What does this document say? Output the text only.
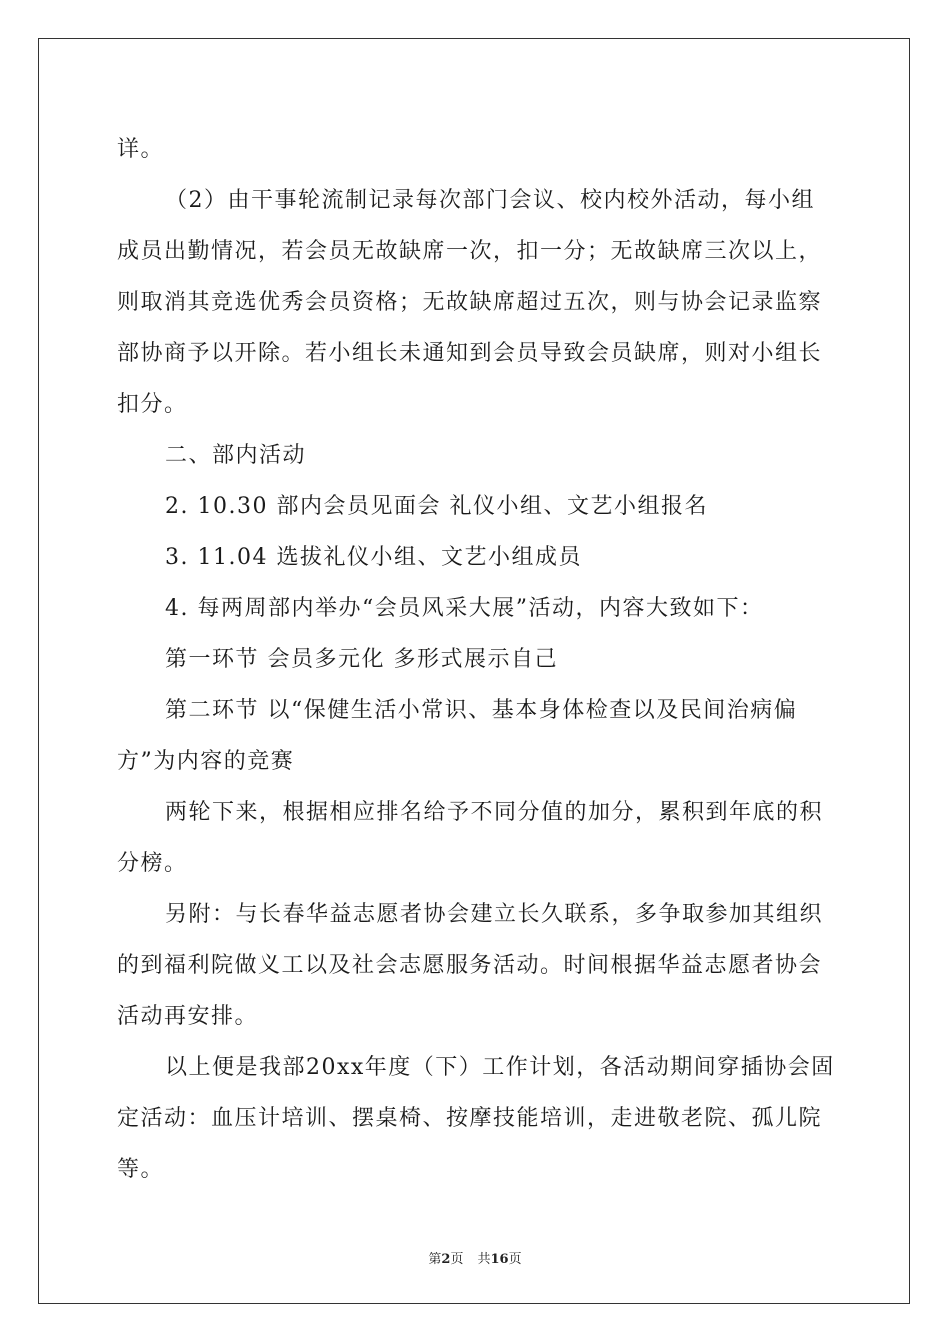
详。

（2）由干事轮流制记录每次部门会议、校内校外活动，每小组成员出勤情况，若会员无故缺席一次，扣一分；无故缺席三次以上，则取消其竞选优秀会员资格；无故缺席超过五次，则与协会记录监察部协商予以开除。若小组长未通知到会员导致会员缺席，则对小组长扣分。

二、部内活动

2. 10.30 部内会员见面会 礼仪小组、文艺小组报名

3. 11.04 选拔礼仪小组、文艺小组成员

4. 每两周部内举办“会员风采大展”活动，内容大致如下：

第一环节 会员多元化 多形式展示自己

第二环节 以“保健生活小常识、基本身体检查以及民间治病偏方”为内容的竞赛

两轮下来，根据相应排名给予不同分值的加分，累积到年底的积分榜。

另附：与长春华益志愿者协会建立长久联系，多争取参加其组织的到福利院做义工以及社会志愿服务活动。时间根据华益志愿者协会活动再安排。

以上便是我部20xx年度（下）工作计划，各活动期间穿插协会固定活动：血压计培训、摆桌椅、按摩技能培训，走进敬老院、孤儿院等。

第2页 共16页
